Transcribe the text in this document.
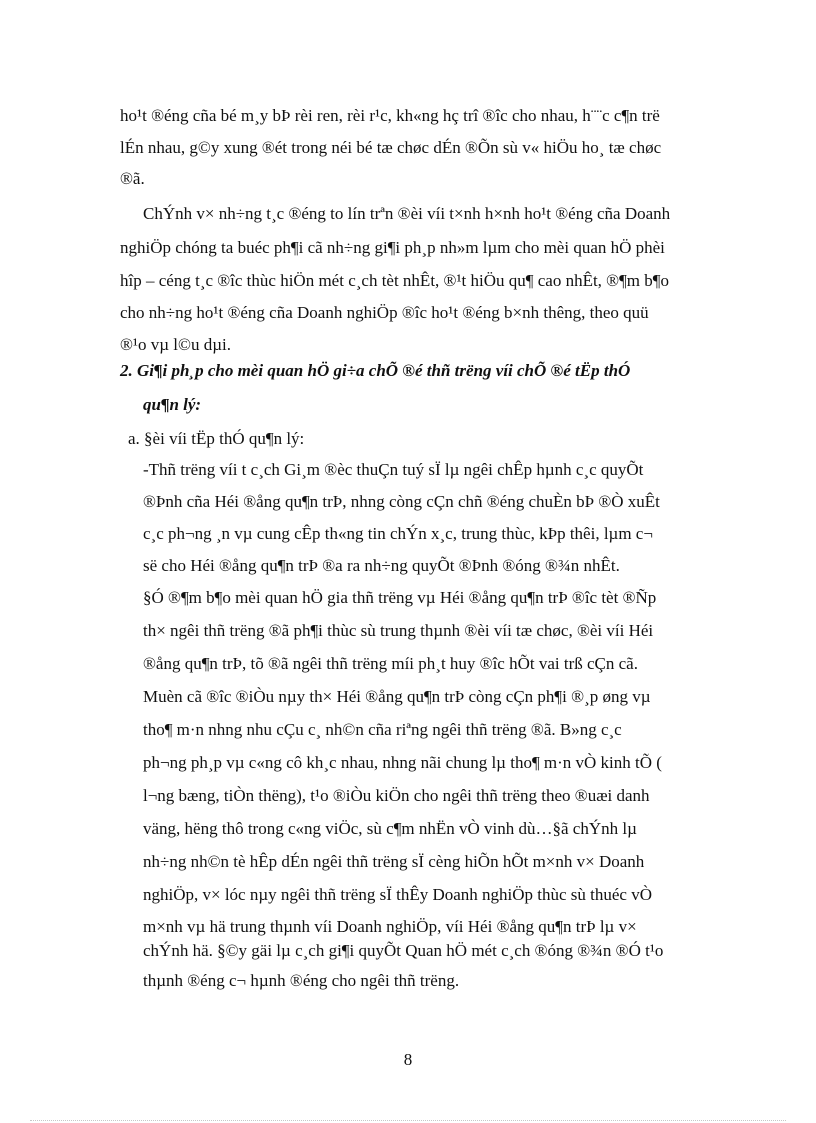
ho¹t ®éng cña bé m¸y bÞ rèi ren, rèi r¹c, kh«ng hç trî ®îc cho nhau, h¨¨c c¶n trë
lÉn nhau, g©y xung ®ét trong néi bé tæ chøc dÉn ®Õn sù v« hiÖu ho¸ tæ chøc
®ã.
ChÝnh v× nh÷ng t¸c ®éng to lín trªn ®èi víi t×nh h×nh ho¹t ®éng cña Doanh
nghiÖp chóng ta buéc ph¶i cã nh÷ng gi¶i ph¸p nh»m lµm cho mèi quan hÖ phèi
hîp – céng t¸c ®îc thùc hiÖn mét c¸ch tèt nhÊt, ®¹t hiÖu qu¶ cao nhÊt, ®¶m b¶o
cho nh÷ng ho¹t ®éng cña Doanh nghiÖp ®îc ho¹t ®éng b×nh thêng, theo quü
®¹o vµ l©u dµi.
2. Gi¶i ph¸p cho mèi quan hÖ gi÷a chÕ ®é thñ trëng víi chÕ ®é tËp thÓ
qu¶n lý:
a. §èi víi tËp thÓ qu¶n lý:
-Thñ trëng víi t c¸ch Gi¸m ®èc thuÇn tuý sÏ lµ ngêi chÊp hµnh c¸c quyÕt
®Þnh cña Héi ®ång qu¶n trÞ, nhng còng cÇn chñ ®éng chuÈn bÞ ®Ò xuÊt
c¸c ph¬ng ¸n vµ cung cÊp th«ng tin chÝn x¸c, trung thùc, kÞp thêi, lµm c¬
së cho Héi ®ång qu¶n trÞ ®a ra nh÷ng quyÕt ®Þnh ®óng ®¾n nhÊt.
§Ó ®¶m b¶o mèi quan hÖ gia thñ trëng vµ Héi ®ång qu¶n trÞ ®îc tèt ®Ñp
th× ngêi thñ trëng ®ã ph¶i thùc sù trung thµnh ®èi víi tæ chøc, ®èi víi Héi
®ång qu¶n trÞ, tõ ®ã ngêi thñ trëng míi ph¸t huy ®îc hÕt vai trß cÇn cã.
Muèn cã ®îc ®iÒu nµy th× Héi ®ång qu¶n trÞ còng cÇn ph¶i ®¸p øng vµ
tho¶ m·n nhng nhu cÇu c¸ nh©n cña riªng ngêi thñ trëng ®ã. B»ng c¸c
ph¬ng ph¸p vµ c«ng cô kh¸c nhau, nhng nãi chung lµ tho¶ m·n vÒ kinh tÕ (
l¬ng bæng, tiÒn thëng), t¹o ®iÒu kiÖn cho ngêi thñ trëng theo ®uæi danh
väng, hëng thô trong c«ng viÖc, sù c¶m nhËn vÒ vinh dù…§ã chÝnh lµ
nh÷ng nh©n tè hÊp dÉn ngêi thñ trëng sÏ cèng hiÕn hÕt m×nh v× Doanh
nghiÖp, v× lóc nµy ngêi thñ trëng sÏ thÊy Doanh nghiÖp thùc sù thuéc vÒ
m×nh vµ hä trung thµnh víi Doanh nghiÖp, víi Héi ®ång qu¶n trÞ lµ v×
chÝnh hä. §©y gäi lµ c¸ch gi¶i quyÕt Quan hÖ mét c¸ch ®óng ®¾n ®Ó t¹o
thµnh ®éng c¬ hµnh ®éng cho ngêi thñ trëng.
8
